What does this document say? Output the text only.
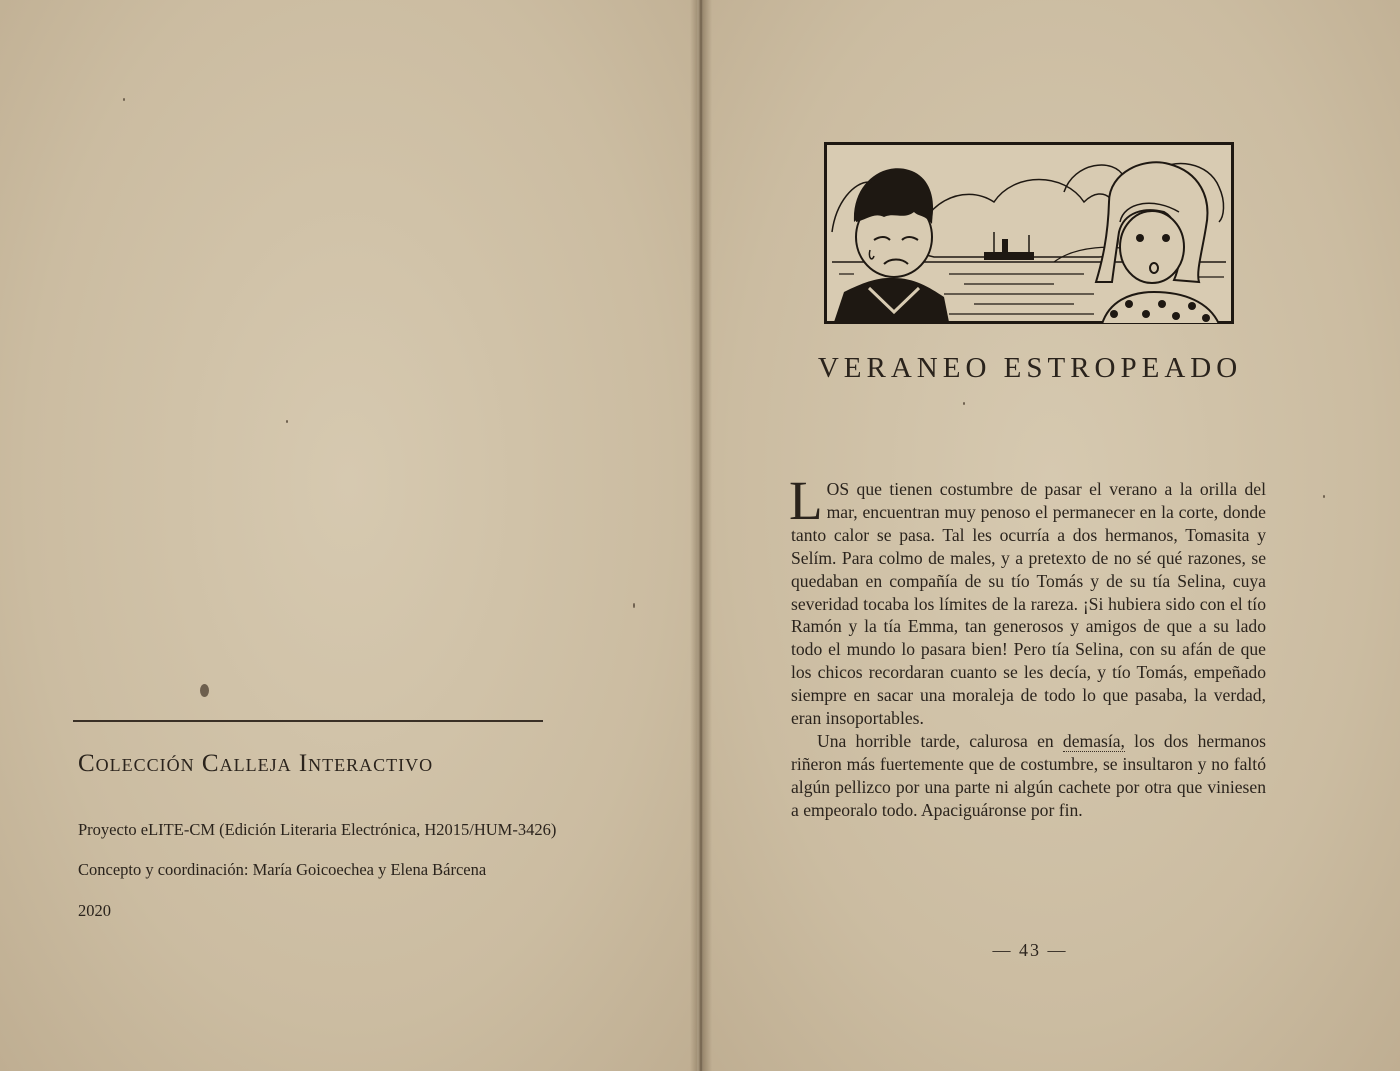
Colección Calleja Interactivo
Proyecto eLITE-CM (Edición Literaria Electrónica, H2015/HUM-3426)
Concepto y coordinación: María Goicoechea y Elena Bárcena
2020
VERANEO ESTROPEADO

LOS que tienen costumbre de pasar el verano a la orilla del mar, encuentran muy penoso el permanecer en la corte, donde tanto calor se pasa. Tal les ocurría a dos hermanos, Tomasita y Selím. Para colmo de males, y a pretexto de no sé qué razones, se quedaban en compañía de su tío Tomás y de su tía Selina, cuya severidad tocaba los límites de la rareza. ¡Si hubiera sido con el tío Ramón y la tía Emma, tan generosos y amigos de que a su lado todo el mundo lo pasara bien! Pero tía Selina, con su afán de que los chicos recordaran cuanto se les decía, y tío Tomás, empeñado siempre en sacar una moraleja de todo lo que pasaba, la verdad, eran insoportables.

Una horrible tarde, calurosa en demasía, los dos hermanos riñeron más fuertemente que de costumbre, se insultaron y no faltó algún pellizco por una parte ni algún cachete por otra que viniesen a empeoralo todo. Apaciguáronse por fin.

— 43 —
